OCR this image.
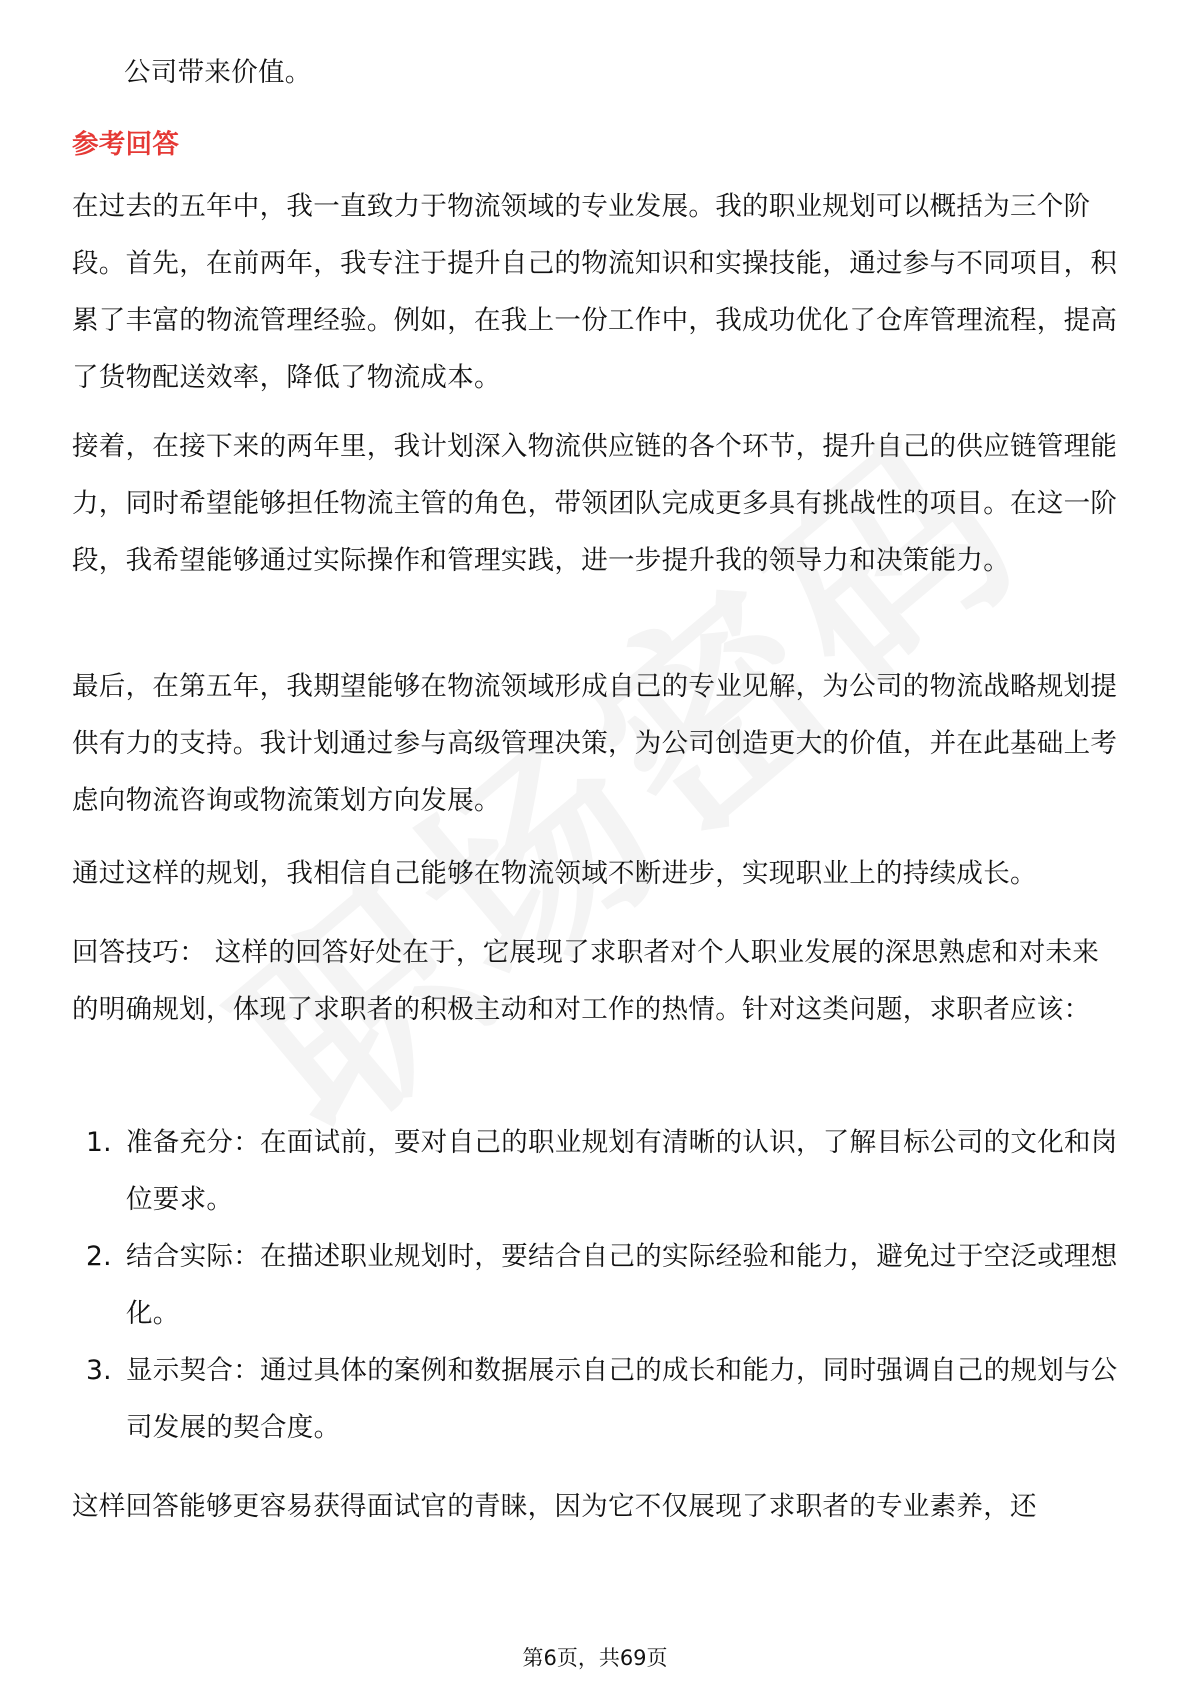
公司带来价值。
参考回答
在过去的五年中，我一直致力于物流领域的专业发展。我的职业规划可以概括为三个阶段。首先，在前两年，我专注于提升自己的物流知识和实操技能，通过参与不同项目，积累了丰富的物流管理经验。例如，在我上一份工作中，我成功优化了仓库管理流程，提高了货物配送效率，降低了物流成本。
接着，在接下来的两年里，我计划深入物流供应链的各个环节，提升自己的供应链管理能力，同时希望能够担任物流主管的角色，带领团队完成更多具有挑战性的项目。在这一阶段，我希望能够通过实际操作和管理实践，进一步提升我的领导力和决策能力。
最后，在第五年，我期望能够在物流领域形成自己的专业见解，为公司的物流战略规划提供有力的支持。我计划通过参与高级管理决策，为公司创造更大的价值，并在此基础上考虑向物流咨询或物流策划方向发展。
通过这样的规划，我相信自己能够在物流领域不断进步，实现职业上的持续成长。
回答技巧： 这样的回答好处在于，它展现了求职者对个人职业发展的深思熟虑和对未来的明确规划，体现了求职者的积极主动和对工作的热情。针对这类问题，求职者应该：
1. 准备充分：在面试前，要对自己的职业规划有清晰的认识，了解目标公司的文化和岗位要求。
2. 结合实际：在描述职业规划时，要结合自己的实际经验和能力，避免过于空泛或理想化。
3. 显示契合：通过具体的案例和数据展示自己的成长和能力，同时强调自己的规划与公司发展的契合度。
这样回答能够更容易获得面试官的青睐，因为它不仅展现了求职者的专业素养，还
第6页，共69页
